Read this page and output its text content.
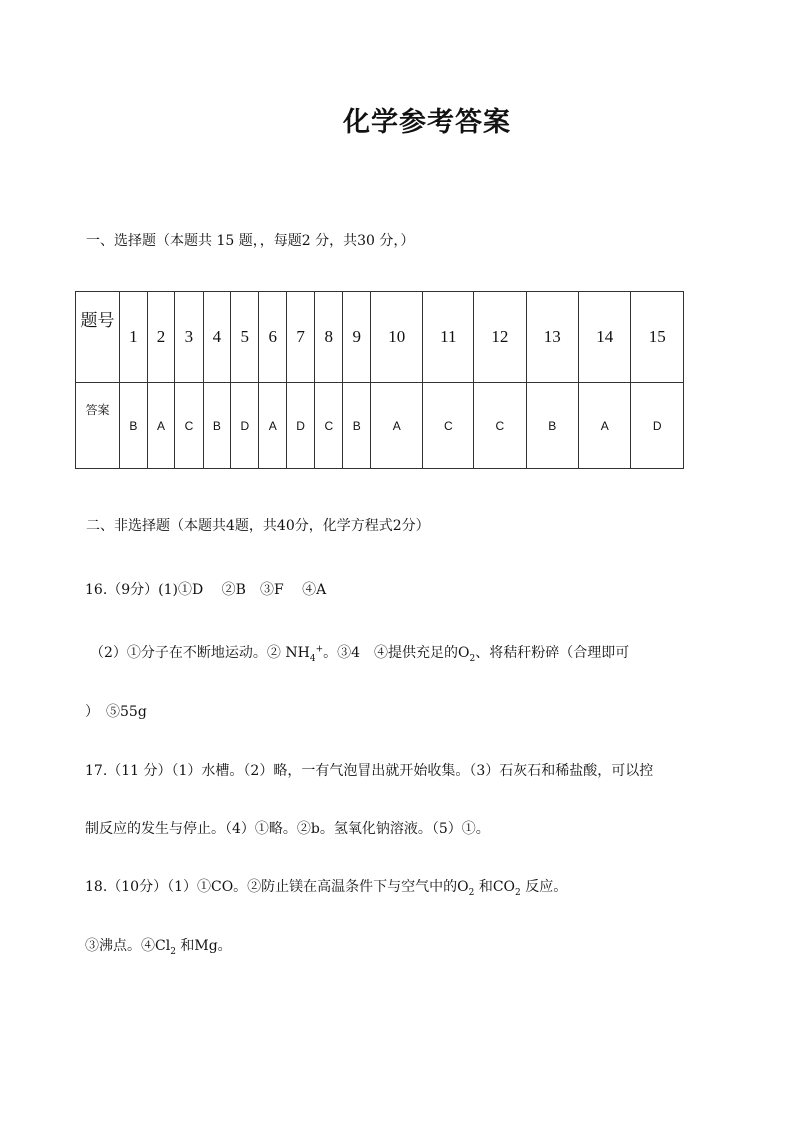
化学参考答案
一、选择题（本题共 15 题，，每题2 分，共30 分，）
题号	1	2	3	4	5	6	7	8	9	10	11	12	13	14	15
答案	B	A	C	B	D	A	D	C	B	A	C	C	B	A	D
二、非选择题（本题共4题，共40分，化学方程式2分）
16.（9分）(1)①D　 ②B　③F　 ④A
（2）①分子在不断地运动。② $NH_4^+$。③4　④提供充足的$O_2$、将秸秆粉碎（合理即可
）　⑤55g
17.（11 分）（1）水槽。（2）略，一有气泡冒出就开始收集。（3）石灰石和稀盐酸，可以控
制反应的发生与停止。（4）①略。②b。氢氧化钠溶液。（5）①。
18.（10分）（1）①CO。②防止镁在高温条件下与空气中的$O_2$ 和$CO_2$ 反应。
③沸点。$④Cl_2$ 和Mg。
